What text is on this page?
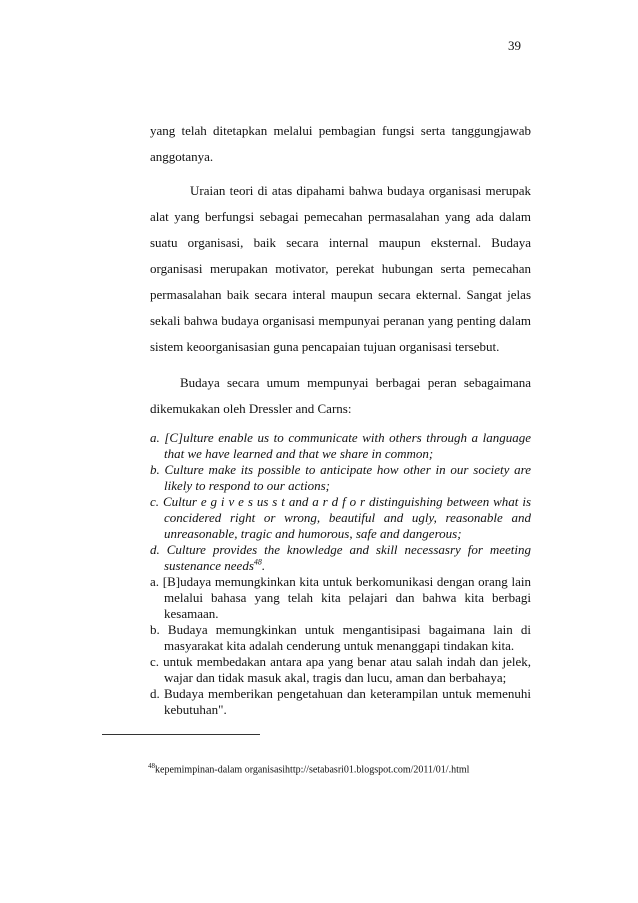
39

yang telah ditetapkan melalui pembagian fungsi serta tanggungjawab anggotanya.

Uraian teori di atas dipahami bahwa budaya organisasi merupak alat yang berfungsi sebagai pemecahan permasalahan yang ada dalam suatu organisasi, baik secara internal maupun eksternal. Budaya organisasi merupakan motivator, perekat hubungan serta pemecahan permasalahan baik secara interal maupun secara ekternal. Sangat jelas sekali bahwa budaya organisasi mempunyai peranan yang penting dalam sistem keoorganisasian guna pencapaian tujuan organisasi tersebut.

Budaya secara umum mempunyai berbagai peran sebagaimana dikemukakan oleh Dressler and Carns:

a. [C]ulture enable us to communicate with others through a language that we have learned and that we share in common;

b. Culture make its possible to anticipate how other in our society are likely to respond to our actions;

c. Cultur e g i v e s us s t and a r d f o r distinguishing between what is concidered right or wrong, beautiful and ugly, reasonable and unreasonable, tragic and humorous, safe and dangerous;

d. Culture provides the knowledge and skill necessasry for meeting sustenance needs$^{48}$.

a. [B]udaya memungkinkan kita untuk berkomunikasi dengan orang lain melalui bahasa yang telah kita pelajari dan bahwa kita berbagi kesamaan.

b. Budaya memungkinkan untuk mengantisipasi bagaimana lain di masyarakat kita adalah cenderung untuk menanggapi tindakan kita.

c. untuk membedakan antara apa yang benar atau salah indah dan jelek, wajar dan tidak masuk akal, tragis dan lucu, aman dan berbahaya;

d. Budaya memberikan pengetahuan dan keterampilan untuk memenuhi kebutuhan".

$^{48}$kepemimpinan-dalam organisasihttp://setabasri01.blogspot.com/2011/01/.html
